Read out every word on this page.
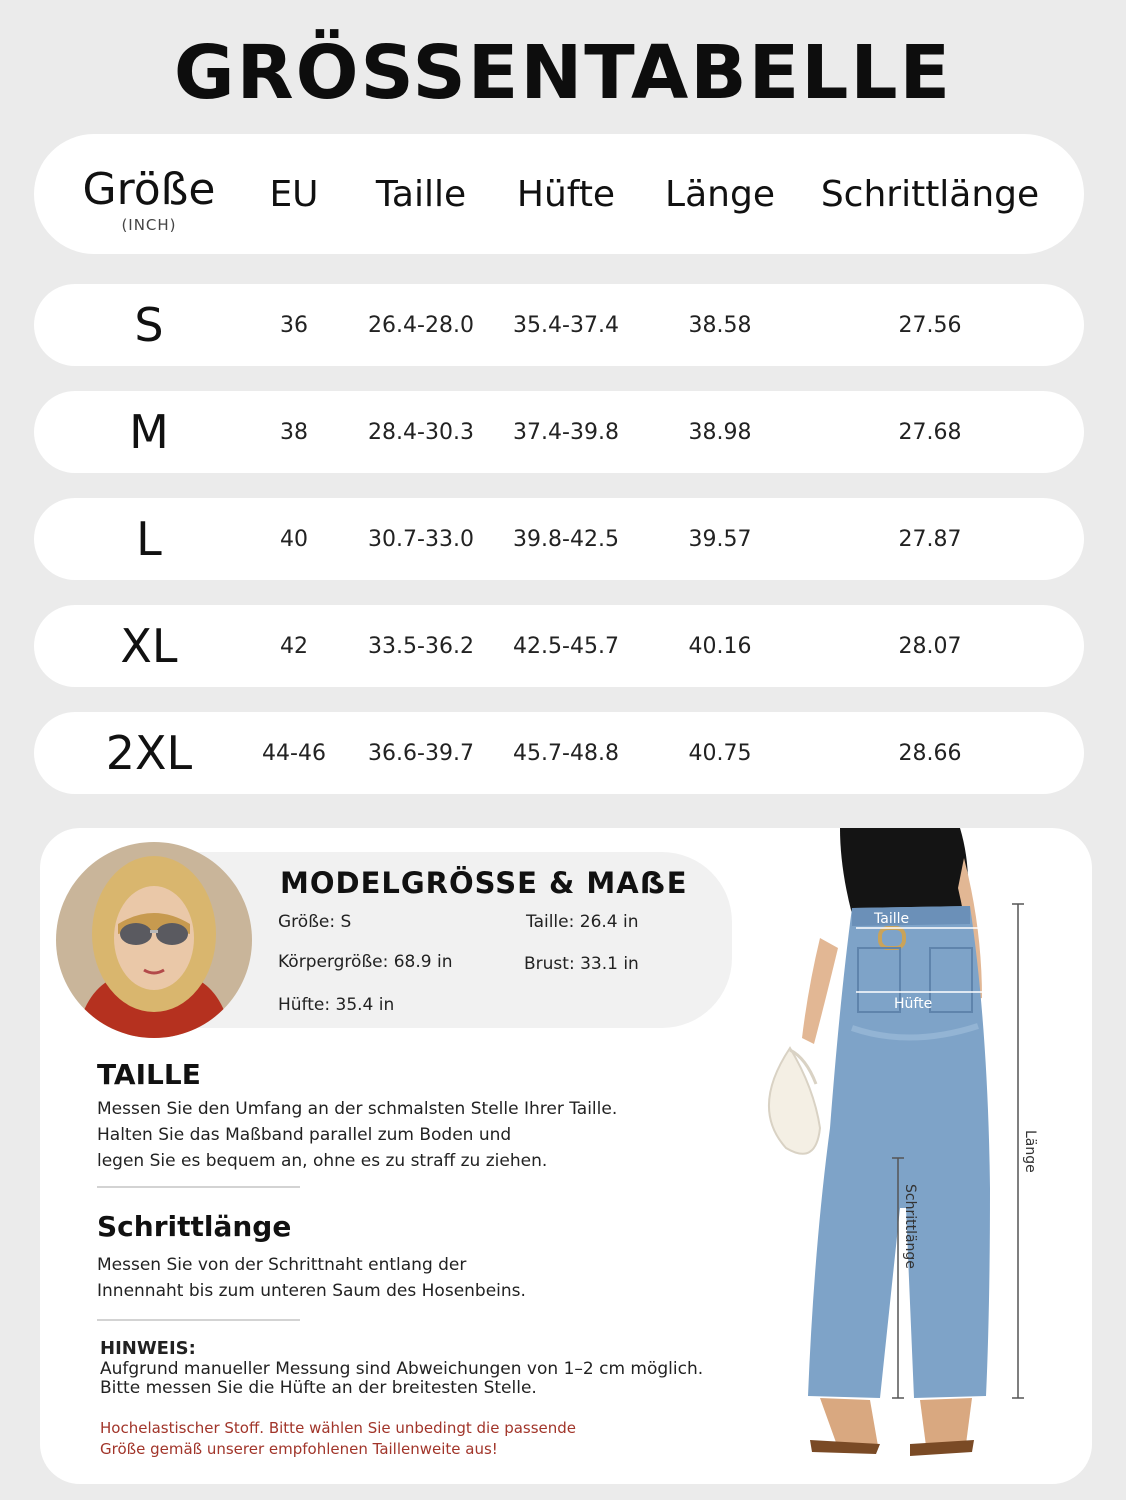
GRÖSSENTABELLE
Größe
(INCH)
EU	Taille	Hüfte	Länge	Schrittlänge
S	36	26.4-28.0	35.4-37.4	38.58	27.56
M	38	28.4-30.3	37.4-39.8	38.98	27.68
L	40	30.7-33.0	39.8-42.5	39.57	27.87
XL	42	33.5-36.2	42.5-45.7	40.16	28.07
2XL	44-46	36.6-39.7	45.7-48.8	40.75	28.66
MODELGRÖSSE & MAẞE
Größe: S	Taille: 26.4 in
Körpergröße: 68.9 in	Brust: 33.1 in
Hüfte: 35.4 in
TAILLE
Messen Sie den Umfang an der schmalsten Stelle Ihrer Taille.
Halten Sie das Maßband parallel zum Boden und
legen Sie es bequem an, ohne es zu straff zu ziehen.
Schrittlänge
Messen Sie von der Schrittnaht entlang der
Innennaht bis zum unteren Saum des Hosenbeins.
HINWEIS:
Aufgrund manueller Messung sind Abweichungen von 1–2 cm möglich.
Bitte messen Sie die Hüfte an der breitesten Stelle.
Hochelastischer Stoff. Bitte wählen Sie unbedingt die passende
Größe gemäß unserer empfohlenen Taillenweite aus!
Taille
Hüfte
Länge
Schrittlänge
